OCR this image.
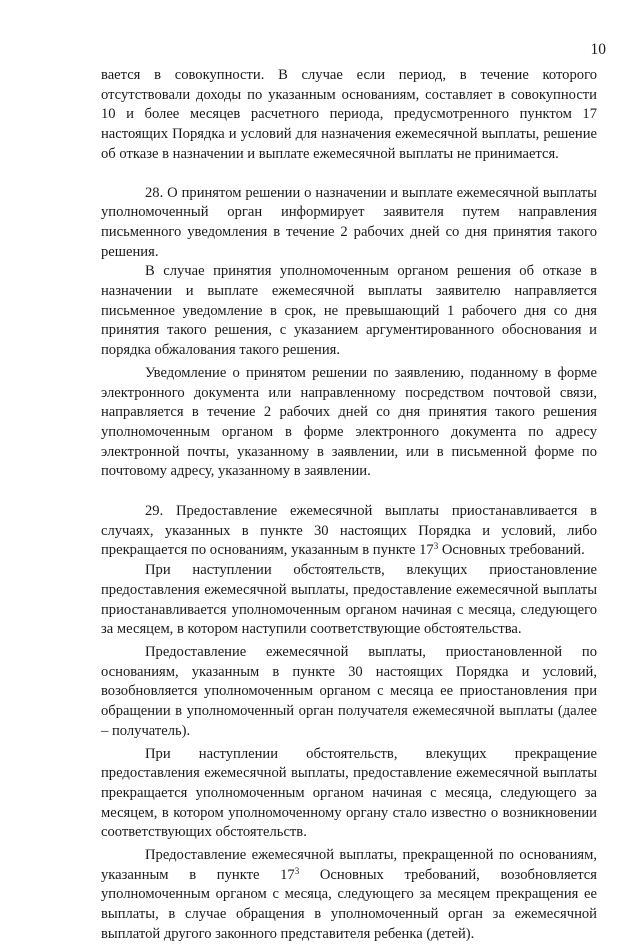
10

вается в совокупности. В случае если период, в течение которого отсутствовали доходы по указанным основаниям, составляет в совокупности 10 и более месяцев расчетного периода, предусмотренного пунктом 17 настоящих Порядка и условий для назначения ежемесячной выплаты, решение об отказе в назначении и выплате ежемесячной выплаты не принимается.

28. О принятом решении о назначении и выплате ежемесячной выплаты уполномоченный орган информирует заявителя путем направления письменного уведомления в течение 2 рабочих дней со дня принятия такого решения.

В случае принятия уполномоченным органом решения об отказе в назначении и выплате ежемесячной выплаты заявителю направляется письменное уведомление в срок, не превышающий 1 рабочего дня со дня принятия такого решения, с указанием аргументированного обоснования и порядка обжалования такого решения.

Уведомление о принятом решении по заявлению, поданному в форме электронного документа или направленному посредством почтовой связи, направляется в течение 2 рабочих дней со дня принятия такого решения уполномоченным органом в форме электронного документа по адресу электронной почты, указанному в заявлении, или в письменной форме по почтовому адресу, указанному в заявлении.

29. Предоставление ежемесячной выплаты приостанавливается в случаях, указанных в пункте 30 настоящих Порядка и условий, либо прекращается по основаниям, указанным в пункте $17^3$ Основных требований.

При наступлении обстоятельств, влекущих приостановление предоставления ежемесячной выплаты, предоставление ежемесячной выплаты приостанавливается уполномоченным органом начиная с месяца, следующего за месяцем, в котором наступили соответствующие обстоятельства.

Предоставление ежемесячной выплаты, приостановленной по основаниям, указанным в пункте 30 настоящих Порядка и условий, возобновляется уполномоченным органом с месяца ее приостановления при обращении в уполномоченный орган получателя ежемесячной выплаты (далее – получатель).

При наступлении обстоятельств, влекущих прекращение предоставления ежемесячной выплаты, предоставление ежемесячной выплаты прекращается уполномоченным органом начиная с месяца, следующего за месяцем, в котором уполномоченному органу стало известно о возникновении соответствующих обстоятельств.

Предоставление ежемесячной выплаты, прекращенной по основаниям, указанным в пункте $17^3$ Основных требований, возобновляется уполномоченным органом с месяца, следующего за месяцем прекращения ее выплаты, в случае обращения в уполномоченный орган за ежемесячной выплатой другого законного представителя ребенка (детей).
